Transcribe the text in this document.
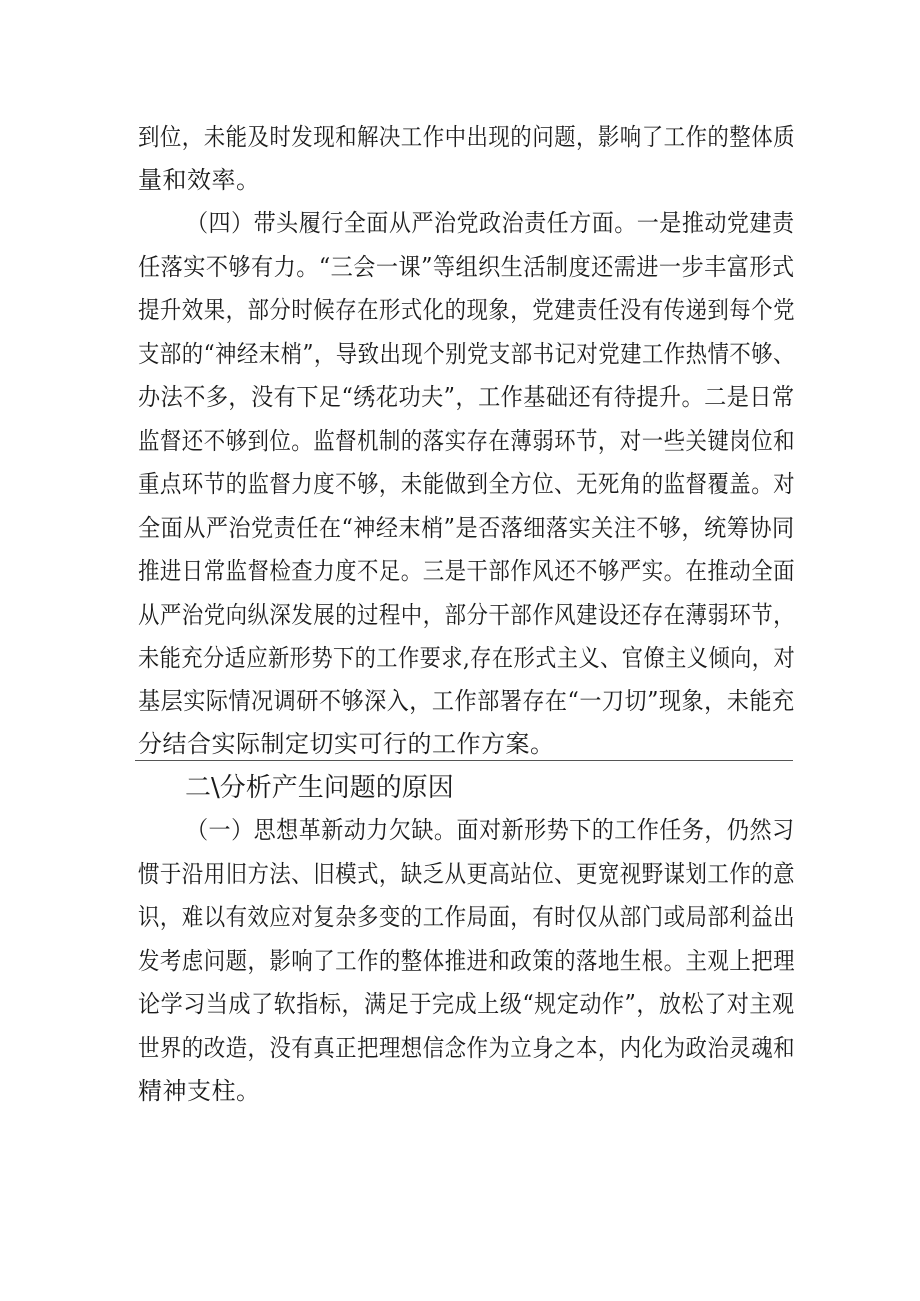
到位，未能及时发现和解决工作中出现的问题，影响了工作的整体质
量和效率。
（四）带头履行全面从严治党政治责任方面。一是推动党建责
任落实不够有力。“三会一课”等组织生活制度还需进一步丰富形式
提升效果，部分时候存在形式化的现象，党建责任没有传递到每个党
支部的“神经末梢”，导致出现个别党支部书记对党建工作热情不够、
办法不多，没有下足“绣花功夫”，工作基础还有待提升。二是日常
监督还不够到位。监督机制的落实存在薄弱环节，对一些关键岗位和
重点环节的监督力度不够，未能做到全方位、无死角的监督覆盖。对
全面从严治党责任在“神经末梢”是否落细落实关注不够，统筹协同
推进日常监督检查力度不足。三是干部作风还不够严实。在推动全面
从严治党向纵深发展的过程中，部分干部作风建设还存在薄弱环节，
未能充分适应新形势下的工作要求,存在形式主义、官僚主义倾向，对
基层实际情况调研不够深入，工作部署存在“一刀切”现象，未能充
分结合实际制定切实可行的工作方案。
二\分析产生问题的原因
（一）思想革新动力欠缺。面对新形势下的工作任务，仍然习
惯于沿用旧方法、旧模式，缺乏从更高站位、更宽视野谋划工作的意
识，难以有效应对复杂多变的工作局面，有时仅从部门或局部利益出
发考虑问题，影响了工作的整体推进和政策的落地生根。主观上把理
论学习当成了软指标，满足于完成上级“规定动作”，放松了对主观
世界的改造，没有真正把理想信念作为立身之本，内化为政治灵魂和
精神支柱。
